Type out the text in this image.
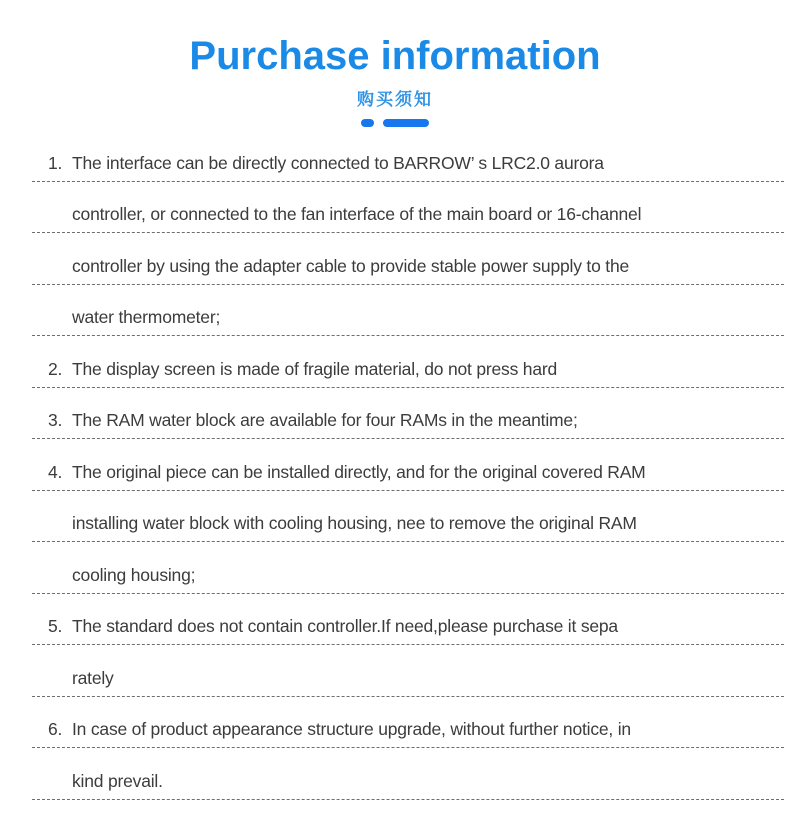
Purchase information
购买须知
1. The interface can be directly connected to BARROW’ s LRC2.0 aurora
controller, or connected to the fan interface of the main board or 16-channel
controller by using the adapter cable to provide stable power supply to the
water thermometer;
2. The display screen is made of fragile material, do not press hard
3. The RAM water block are available for four RAMs in the meantime;
4. The original piece can be installed directly, and for the original covered RAM
installing water block with cooling housing, nee to remove the original RAM
cooling housing;
5. The standard does not contain controller.If need,please purchase it sepa
rately
6. In case of product appearance structure upgrade, without further notice, in
kind prevail.
